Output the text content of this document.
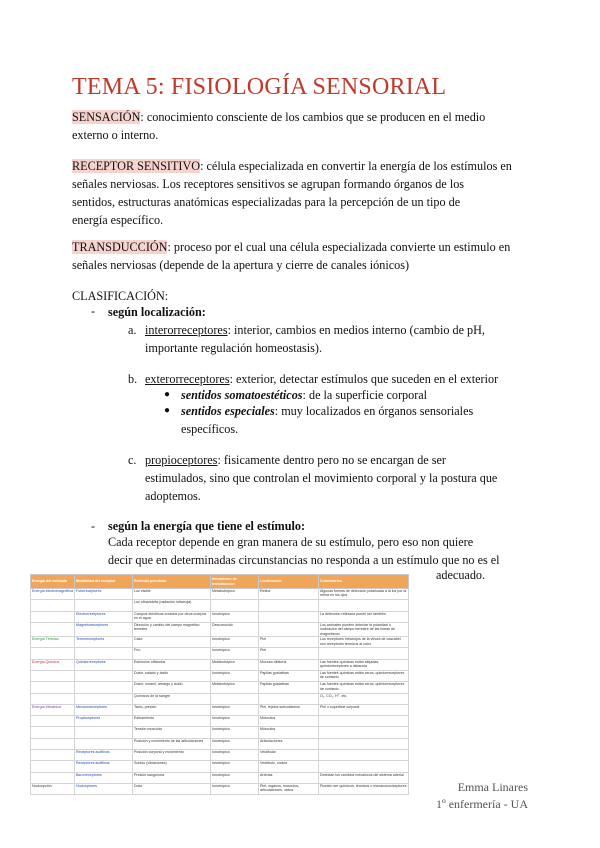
TEMA 5: FISIOLOGÍA SENSORIAL
SENSACIÓN: conocimiento consciente de los cambios que se producen en el medio
externo o interno.
RECEPTOR SENSITIVO: célula especializada en convertir la energía de los estímulos en
señales nerviosas. Los receptores sensitivos se agrupan formando órganos de los
sentidos, estructuras anatómicas especializadas para la percepción de un tipo de
energía específico.
TRANSDUCCIÓN: proceso por el cual una célula especializada convierte un estimulo en
señales nerviosas (depende de la apertura y cierre de canales iónicos)
CLASIFICACIÓN:
- según localización:
a. interorreceptores: interior, cambios en medios interno (cambio de pH,
importante regulación homeostasis).
b. exterorreceptores: exterior, detectar estímulos que suceden en el exterior
● sentidos somatoestéticos: de la superficie corporal
● sentidos especiales: muy localizados en órganos sensoriales
específicos.
c. propioceptores: fisicamente dentro pero no se encargan de ser
estimulados, sino que controlan el movimiento corporal y la postura que
adoptemos.
- según la energía que tiene el estímulo:
Cada receptor depende en gran manera de su estímulo, pero eso non quiere
decir que en determinadas circunstancias no responda a un estímulo que no es el
adecuado.
Energía del estímulo	Modalidad del receptor	Estímulo percibido	Mecanismo de transducción	Localización	Comentarios
Energía electromagnética	Fotorreceptores	Luz visible	Metabotrópico	Retina	Algunas formas de detección polarizada a la luz por la retina en los ojos
		Luz ultravioleta (radiación infrarroja)			
	Electrorreceptores	Campos eléctricos creados por otros cuerpos en el agua	Ionotrópico		La detección retiniana puede ser también
	Magnetorreceptores	Dirección y cambio del campo magnético terrestre	Desconocido		Los animales pueden detectar la polaridad o inclinación del campo terrestre de las líneas de magnetismo
Energía Térmica	Termorreceptores	Calor	Ionotrópico	Piel	Los receptores infrarrojos de la víbora de cascabel son receptores térmicos al calor
		Frío	Ionotrópico	Piel	
Energía Química	Quimiorreceptores	Estímulos olfatorios	Metabotrópico	Mucosa olfatoria	Las fuentes químicas están alejadas, quimiorreceptores a distancia
		Dulce, salado y ácido	Ionotrópico	Papilas gustativas	Las fuentes químicas están cerca, quimiorreceptores de contacto
		Dulce, umami, amargo y ácido	Metabotrópico	Papilas gustativas	Las fuentes químicas están cerca, quimiorreceptores de contacto
		Químicos de la sangre			O₂, CO₂, H⁺, etc.
Energía Mecánica	Mecanorreceptores	Tacto, presión	Ionotrópico	Piel, tejidos subcutáneos	Piel o superficie corporal
	Propioceptores	Estiramiento	Ionotrópico	Músculos	
		Tensión muscular	Ionotrópico	Músculos	
		Posición y movimiento de las articulaciones	Ionotrópico	Articulaciones	
	Receptores auditivos	Posición corporal y movimiento	Ionotrópico	Vestibular	
	Receptores auditivos	Sonido (vibraciones)	Ionotrópico	Vestíbulo, cóclea	
	Barorreceptores	Presión sanguínea	Ionotrópico	Arterias	Detectan los cambios mecánicos del sistema arterial
Nocicepción	Nociceptores	Dolor	Ionotrópico	Piel, órganos, músculos, articulaciones, vasos	Pueden ser químicos, térmicos o mecanonociceptores	Emma Linares
1º enfermería - UA
